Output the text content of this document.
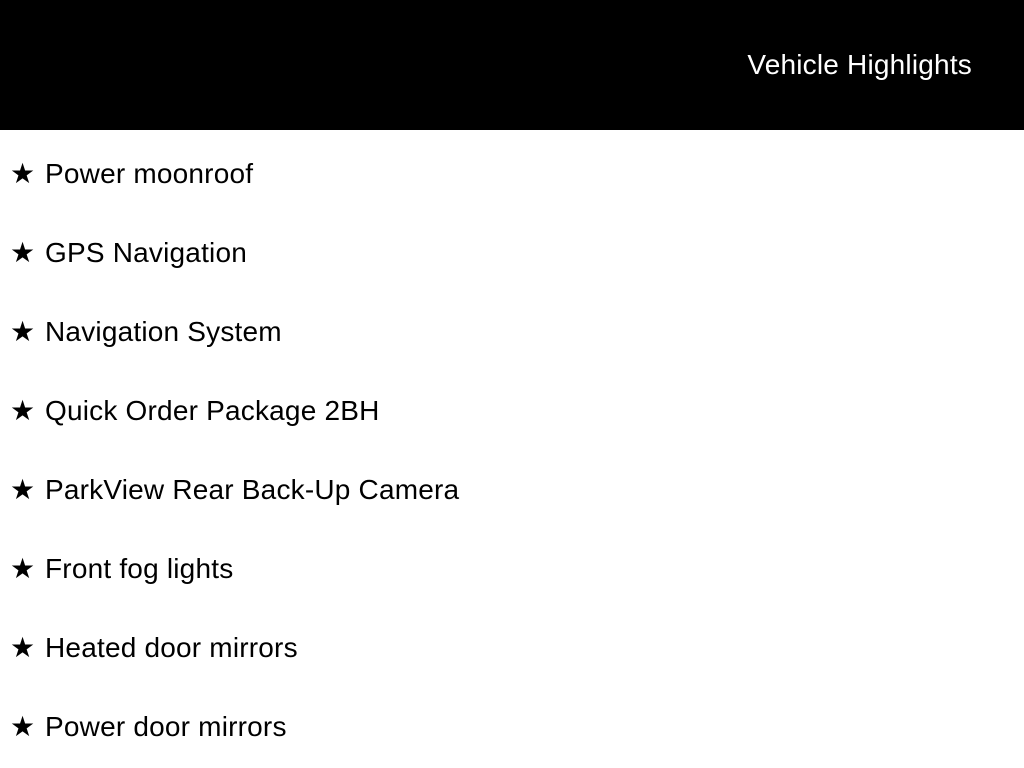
Vehicle Highlights
★ Power moonroof
★ GPS Navigation
★ Navigation System
★ Quick Order Package 2BH
★ ParkView Rear Back-Up Camera
★ Front fog lights
★ Heated door mirrors
★ Power door mirrors
